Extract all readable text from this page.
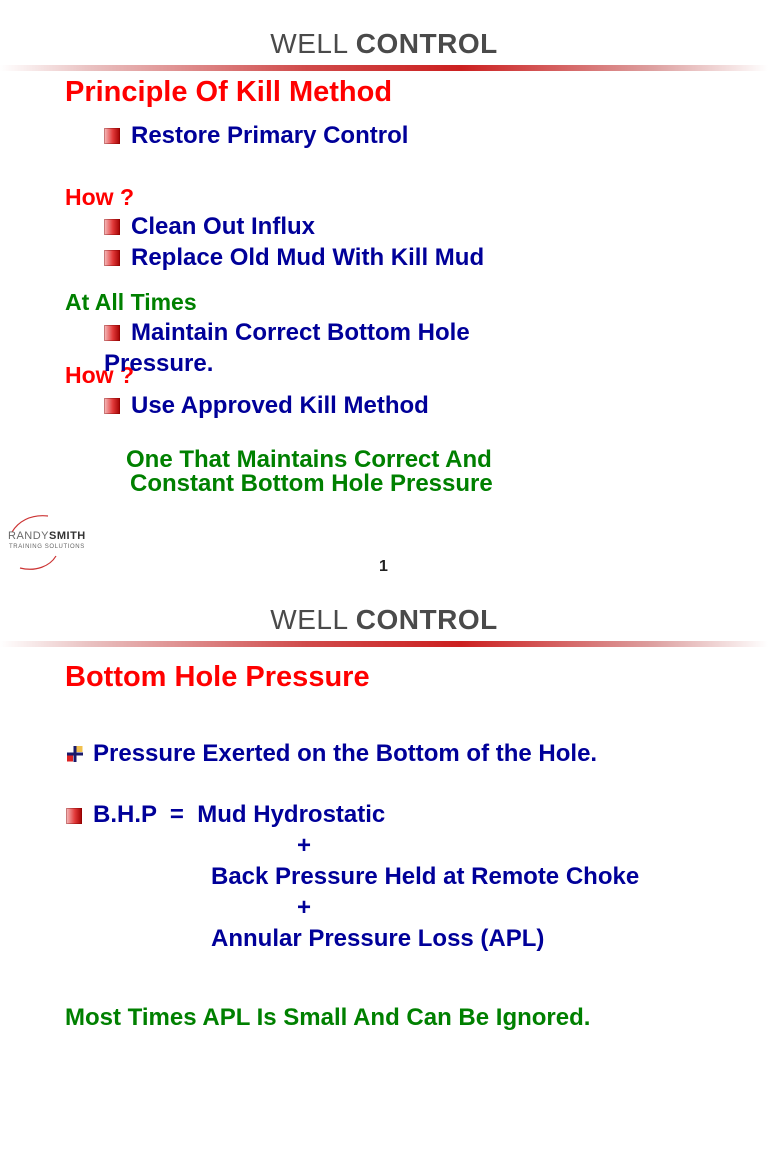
WELL CONTROL
Principle Of Kill Method
Restore Primary Control
How ?
Clean Out Influx
Replace Old Mud With Kill Mud
At All Times
Maintain Correct Bottom Hole
How ?
Pressure.
Use Approved Kill Method
One That Maintains Correct And
Constant Bottom Hole Pressure
RANDYSMITH
TRAINING SOLUTIONS
1
WELL CONTROL
Bottom Hole Pressure
Pressure Exerted on the Bottom of the Hole.
B.H.P  =  Mud Hydrostatic
+
Back Pressure Held at Remote Choke
+
Annular Pressure Loss (APL)
Most Times APL Is Small And Can Be Ignored.
